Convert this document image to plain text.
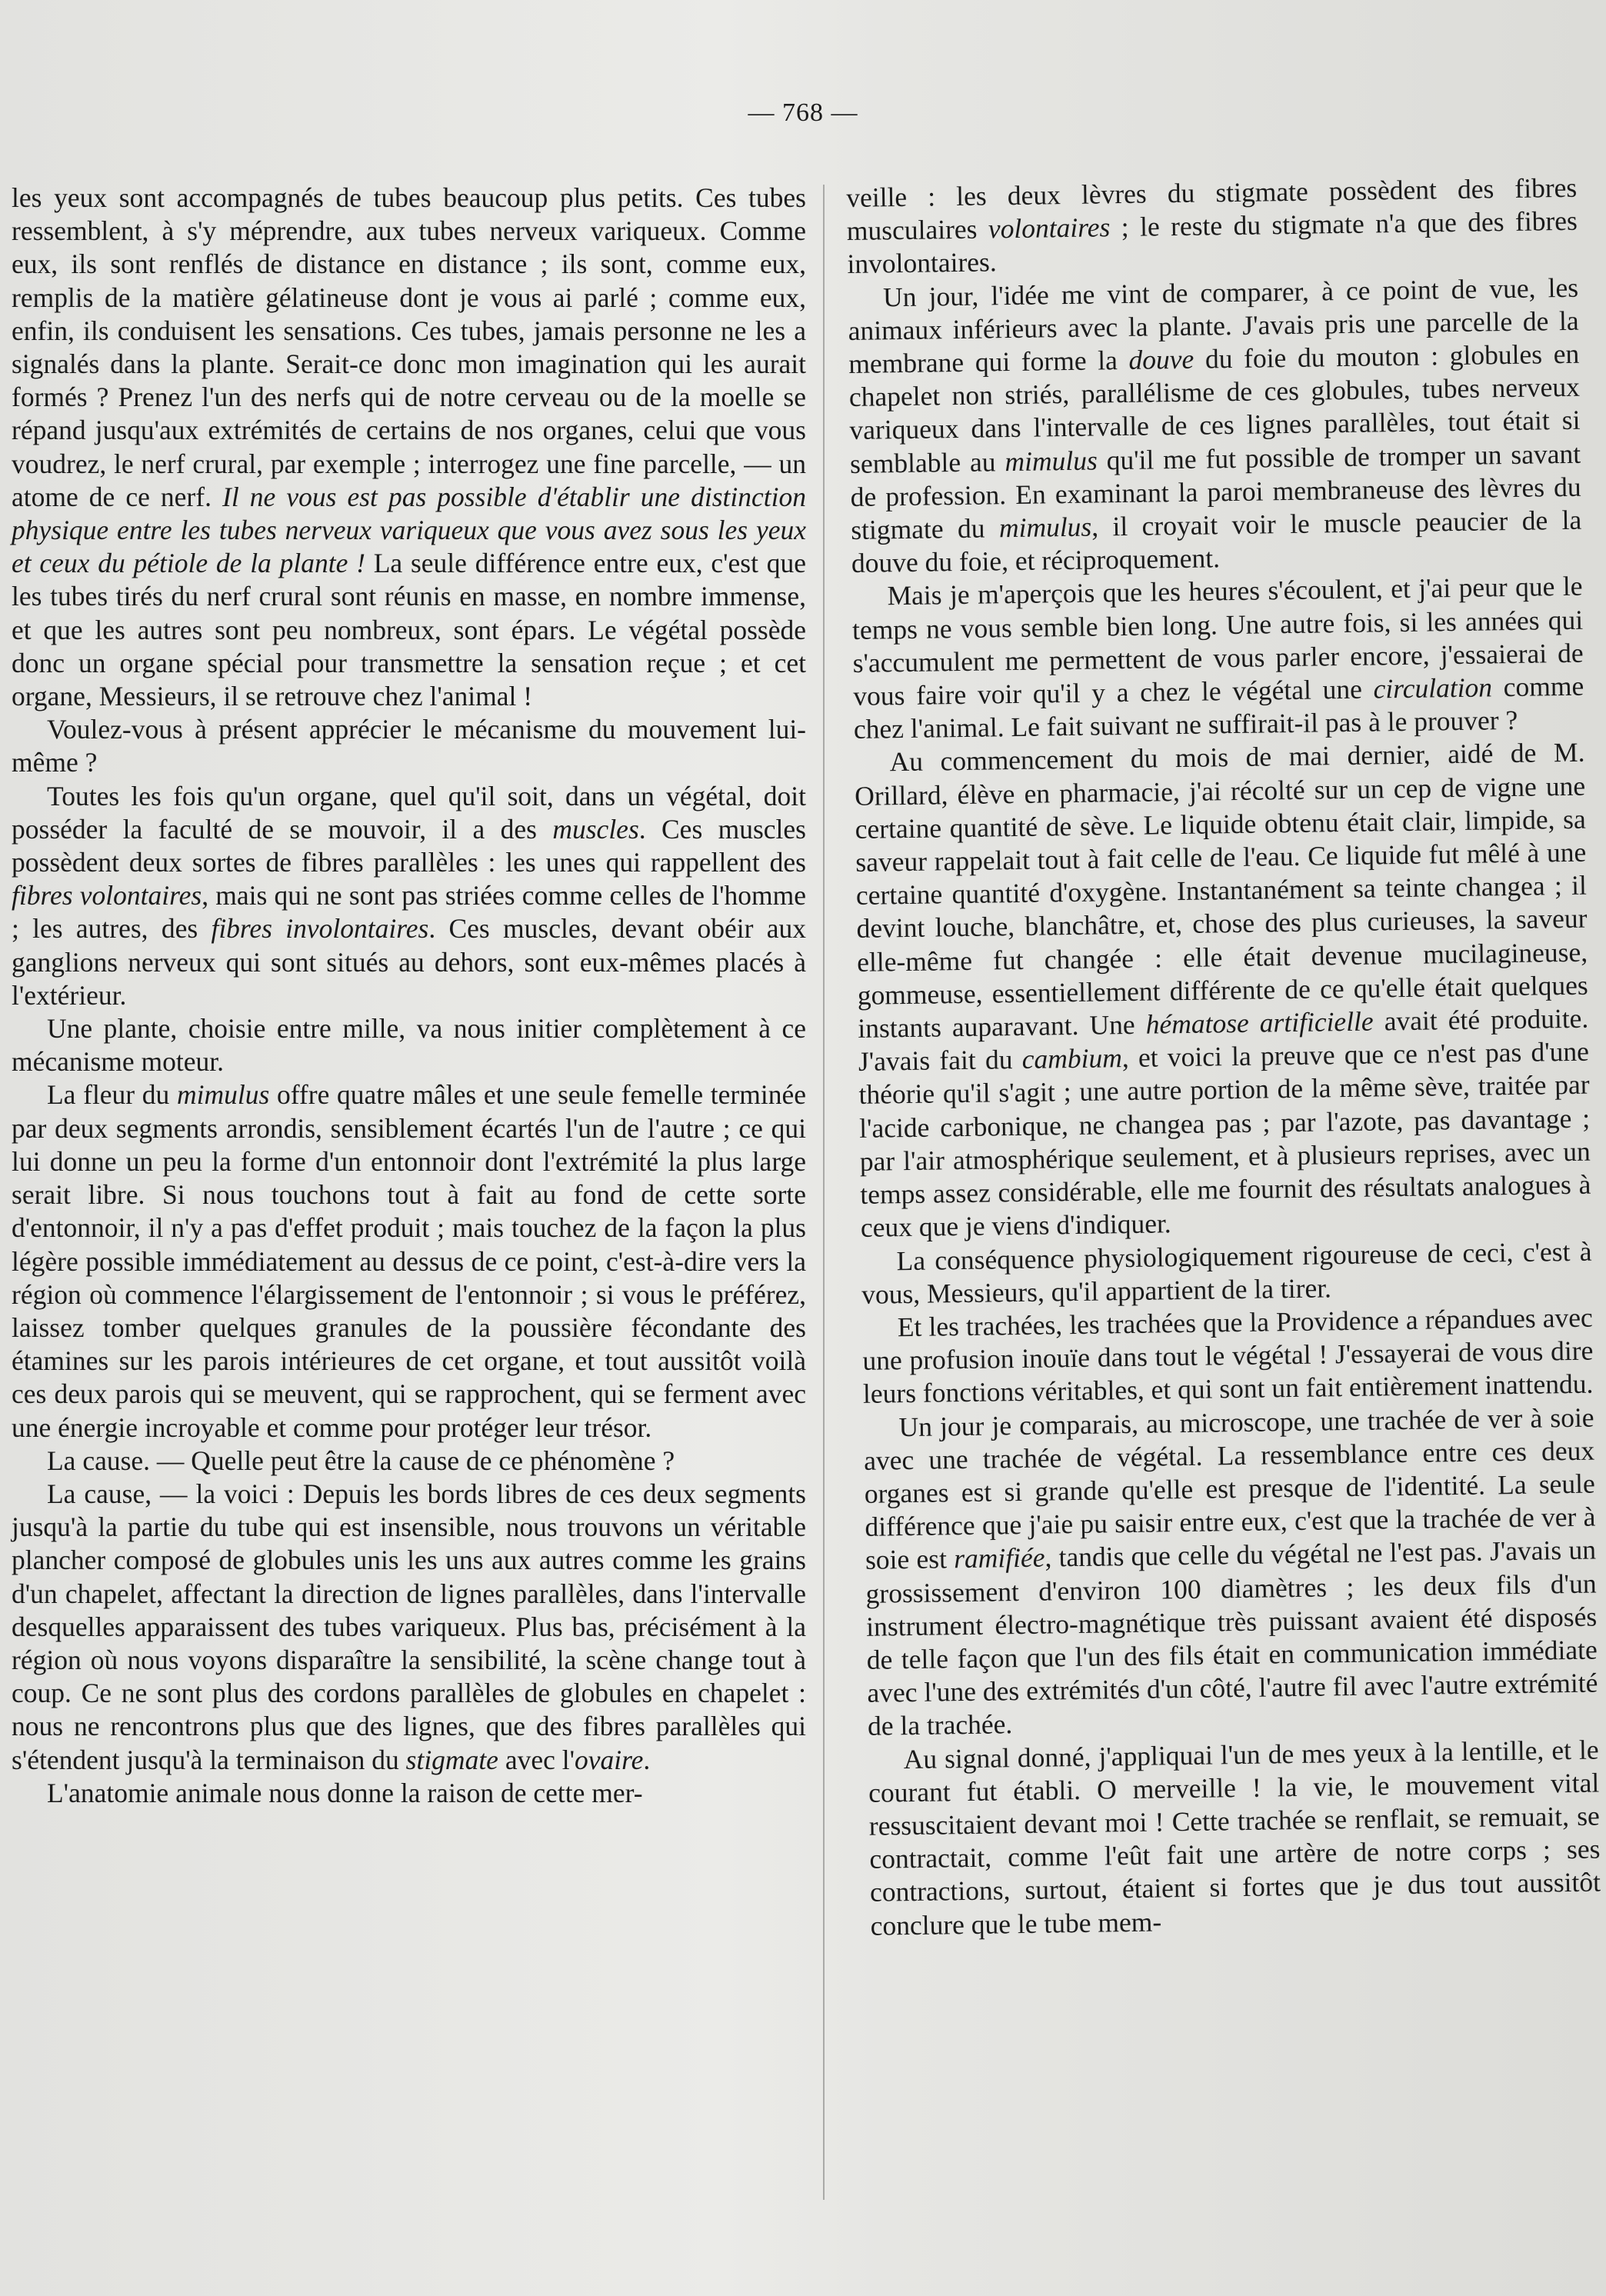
— 768 —

les yeux sont accompagnés de tubes beaucoup plus petits. Ces tubes ressemblent, à s'y méprendre, aux tubes nerveux variqueux. Comme eux, ils sont renflés de distance en distance ; ils sont, comme eux, remplis de la matière gélatineuse dont je vous ai parlé ; comme eux, enfin, ils conduisent les sensations. Ces tubes, jamais personne ne les a signalés dans la plante. Serait-ce donc mon imagination qui les aurait formés ? Prenez l'un des nerfs qui de notre cerveau ou de la moelle se répand jusqu'aux extrémités de certains de nos organes, celui que vous voudrez, le nerf crural, par exemple ; interrogez une fine parcelle, — un atome de ce nerf. Il ne vous est pas possible d'établir une distinction physique entre les tubes nerveux variqueux que vous avez sous les yeux et ceux du pétiole de la plante ! La seule différence entre eux, c'est que les tubes tirés du nerf crural sont réunis en masse, en nombre immense, et que les autres sont peu nombreux, sont épars. Le végétal possède donc un organe spécial pour transmettre la sensation reçue ; et cet organe, Messieurs, il se retrouve chez l'animal !

Voulez-vous à présent apprécier le mécanisme du mouvement lui-même ?

Toutes les fois qu'un organe, quel qu'il soit, dans un végétal, doit posséder la faculté de se mouvoir, il a des muscles. Ces muscles possèdent deux sortes de fibres parallèles : les unes qui rappellent des fibres volontaires, mais qui ne sont pas striées comme celles de l'homme ; les autres, des fibres involontaires. Ces muscles, devant obéir aux ganglions nerveux qui sont situés au dehors, sont eux-mêmes placés à l'extérieur.

Une plante, choisie entre mille, va nous initier complètement à ce mécanisme moteur.

La fleur du mimulus offre quatre mâles et une seule femelle terminée par deux segments arrondis, sensiblement écartés l'un de l'autre ; ce qui lui donne un peu la forme d'un entonnoir dont l'extrémité la plus large serait libre. Si nous touchons tout à fait au fond de cette sorte d'entonnoir, il n'y a pas d'effet produit ; mais touchez de la façon la plus légère possible immédiatement au dessus de ce point, c'est-à-dire vers la région où commence l'élargissement de l'entonnoir ; si vous le préférez, laissez tomber quelques granules de la poussière fécondante des étamines sur les parois intérieures de cet organe, et tout aussitôt voilà ces deux parois qui se meuvent, qui se rapprochent, qui se ferment avec une énergie incroyable et comme pour protéger leur trésor.

La cause. — Quelle peut être la cause de ce phénomène ?

La cause, — la voici : Depuis les bords libres de ces deux segments jusqu'à la partie du tube qui est insensible, nous trouvons un véritable plancher composé de globules unis les uns aux autres comme les grains d'un chapelet, affectant la direction de lignes parallèles, dans l'intervalle desquelles apparaissent des tubes variqueux. Plus bas, précisément à la région où nous voyons disparaître la sensibilité, la scène change tout à coup. Ce ne sont plus des cordons parallèles de globules en chapelet : nous ne rencontrons plus que des lignes, que des fibres parallèles qui s'étendent jusqu'à la terminaison du stigmate avec l'ovaire.

L'anatomie animale nous donne la raison de cette mer-

veille : les deux lèvres du stigmate possèdent des fibres musculaires volontaires ; le reste du stigmate n'a que des fibres involontaires.

Un jour, l'idée me vint de comparer, à ce point de vue, les animaux inférieurs avec la plante. J'avais pris une parcelle de la membrane qui forme la douve du foie du mouton : globules en chapelet non striés, parallélisme de ces globules, tubes nerveux variqueux dans l'intervalle de ces lignes parallèles, tout était si semblable au mimulus qu'il me fut possible de tromper un savant de profession. En examinant la paroi membraneuse des lèvres du stigmate du mimulus, il croyait voir le muscle peaucier de la douve du foie, et réciproquement.

Mais je m'aperçois que les heures s'écoulent, et j'ai peur que le temps ne vous semble bien long. Une autre fois, si les années qui s'accumulent me permettent de vous parler encore, j'essaierai de vous faire voir qu'il y a chez le végétal une circulation comme chez l'animal. Le fait suivant ne suffirait-il pas à le prouver ?

Au commencement du mois de mai dernier, aidé de M. Orillard, élève en pharmacie, j'ai récolté sur un cep de vigne une certaine quantité de sève. Le liquide obtenu était clair, limpide, sa saveur rappelait tout à fait celle de l'eau. Ce liquide fut mêlé à une certaine quantité d'oxygène. Instantanément sa teinte changea ; il devint louche, blanchâtre, et, chose des plus curieuses, la saveur elle-même fut changée : elle était devenue mucilagineuse, gommeuse, essentiellement différente de ce qu'elle était quelques instants auparavant. Une hématose artificielle avait été produite. J'avais fait du cambium, et voici la preuve que ce n'est pas d'une théorie qu'il s'agit ; une autre portion de la même sève, traitée par l'acide carbonique, ne changea pas ; par l'azote, pas davantage ; par l'air atmosphérique seulement, et à plusieurs reprises, avec un temps assez considérable, elle me fournit des résultats analogues à ceux que je viens d'indiquer.

La conséquence physiologiquement rigoureuse de ceci, c'est à vous, Messieurs, qu'il appartient de la tirer.

Et les trachées, les trachées que la Providence a répandues avec une profusion inouïe dans tout le végétal ! J'essayerai de vous dire leurs fonctions véritables, et qui sont un fait entièrement inattendu.

Un jour je comparais, au microscope, une trachée de ver à soie avec une trachée de végétal. La ressemblance entre ces deux organes est si grande qu'elle est presque de l'identité. La seule différence que j'aie pu saisir entre eux, c'est que la trachée de ver à soie est ramifiée, tandis que celle du végétal ne l'est pas. J'avais un grossissement d'environ 100 diamètres ; les deux fils d'un instrument électro-magnétique très puissant avaient été disposés de telle façon que l'un des fils était en communication immédiate avec l'une des extrémités d'un côté, l'autre fil avec l'autre extrémité de la trachée.

Au signal donné, j'appliquai l'un de mes yeux à la lentille, et le courant fut établi. O merveille ! la vie, le mouvement vital ressuscitaient devant moi ! Cette trachée se renflait, se remuait, se contractait, comme l'eût fait une artère de notre corps ; ses contractions, surtout, étaient si fortes que je dus tout aussitôt conclure que le tube mem-
